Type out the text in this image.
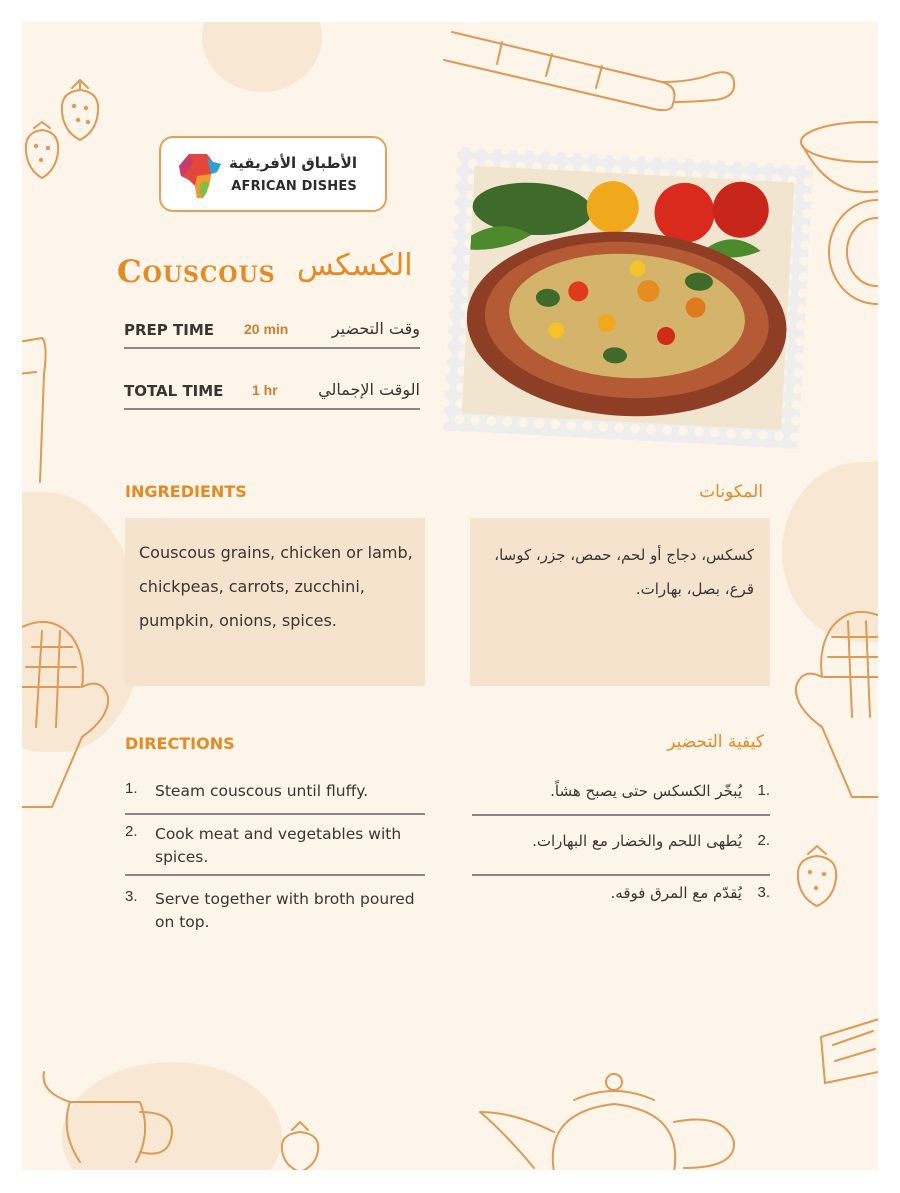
الأطباق الأفريقية
AFRICAN DISHES
Couscous الكسكس
PREP TIME 20 min	وقت التحضير
TOTAL TIME 1 hr	الوقت الإجمالي
INGREDIENTS	المكونات
Couscous grains, chicken or lamb, chickpeas, carrots, zucchini, pumpkin, onions, spices.
كسكس، دجاج أو لحم، حمص، جزر، كوسا، قرع، بصل، بهارات.
DIRECTIONS	كيفية التحضير
1. Steam couscous until fluffy.
2. Cook meat and vegetables with spices.
3. Serve together with broth poured on top.
1.
يُبخّر الكسكس حتى يصبح هشاً.
2.
يُطهى اللحم والخضار مع البهارات.
3.
يُقدّم مع المرق فوقه.
